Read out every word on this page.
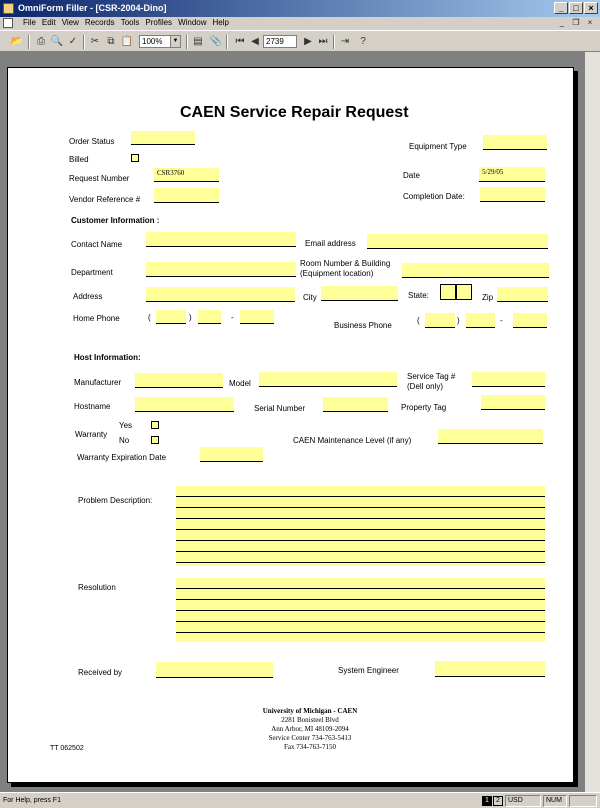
OmniForm Filler - [CSR-2004-Dino]	_	□	×
File Edit View Records Tools Profiles Window Help	_	❐	×
📂	⎙ 🔍 ✓ ✂ ⧉ 📋	100%	▼ ▤ 📎 ⏮ ◀ 2739	▶ ⏭ ⇥	?
CAEN Service Repair Request
Order Status
Billed
Request Number
CSR3760
Vendor Reference #
Equipment Type
Date	5/29/05
Completion Date:
Customer Information :
Contact Name	Email address
Department
Room Number & Building
(Equipment location)
Address	City	State:	Zip
Home Phone	(	)	-
Business Phone
(	)	-
Host Information:
Manufacturer	Model
Service Tag #
(Dell only)
Hostname	Serial Number	Property Tag
Yes
Warranty
No	CAEN Maintenance Level (if any)
Warranty Expiration Date
Problem Description:
Resolution
Received by	System Engineer
University of Michigan - CAEN
2281 Bonisteel Blvd
Ann Arbor, MI 48109-2094
Service Center 734-763-5413
Fax 734-763-7150
TT 062502
For Help, press F1	1	2	USD	NUM
